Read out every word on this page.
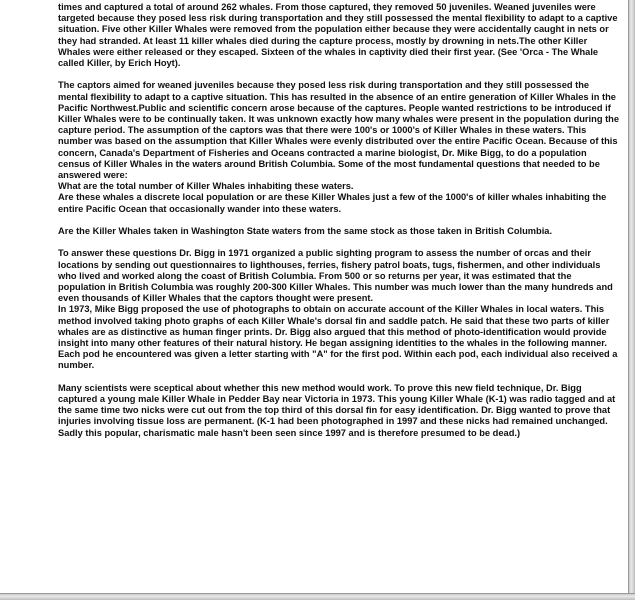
times and captured a total of around 262 whales. From those captured, they removed 50 juveniles. Weaned juveniles were targeted because they posed less risk during transportation and they still possessed the mental flexibility to adapt to a captive situation. Five other Killer Whales were removed from the population either because they were accidentally caught in nets or they had stranded. At least 11 killer whales died during the capture process, mostly by drowning in nets.The other Killer Whales were either released or they escaped. Sixteen of the whales in captivity died their first year. (See 'Orca - The Whale called Killer, by Erich Hoyt).

The captors aimed for weaned juveniles because they posed less risk during transportation and they still possessed the mental flexibility to adapt to a captive situation. This has resulted in the absence of an entire generation of Killer Whales in the Pacific Northwest.Public and scientific concern arose because of the captures. People wanted restrictions to be introduced if Killer Whales were to be continually taken. It was unknown exactly how many whales were present in the population during the capture period. The assumption of the captors was that there were 100's or 1000's of Killer Whales in these waters. This number was based on the assumption that Killer Whales were evenly distributed over the entire Pacific Ocean. Because of this concern, Canada's Department of Fisheries and Oceans contracted a marine biologist, Dr. Mike Bigg, to do a population census of Killer Whales in the waters around British Columbia. Some of the most fundamental questions that needed to be answered were:
What are the total number of Killer Whales inhabiting these waters.
Are these whales a discrete local population or are these Killer Whales just a few of the 1000's of killer whales inhabiting the entire Pacific Ocean that occasionally wander into these waters.

Are the Killer Whales taken in Washington State waters from the same stock as those taken in British Columbia.

To answer these questions Dr. Bigg in 1971 organized a public sighting program to assess the number of orcas and their locations by sending out questionnaires to lighthouses, ferries, fishery patrol boats, tugs, fishermen, and other individuals who lived and worked along the coast of British Columbia. From 500 or so returns per year, it was estimated that the population in British Columbia was roughly 200-300 Killer Whales. This number was much lower than the many hundreds and even thousands of Killer Whales that the captors thought were present.
In 1973, Mike Bigg proposed the use of photographs to obtain on accurate account of the Killer Whales in local waters. This method involved taking photo graphs of each Killer Whale's dorsal fin and saddle patch. He said that these two parts of killer whales are as distinctive as human finger prints. Dr. Bigg also argued that this method of photo-identification would provide insight into many other features of their natural history. He began assigning identities to the whales in the following manner. Each pod he encountered was given a letter starting with "A" for the first pod. Within each pod, each individual also received a number.

Many scientists were sceptical about whether this new method would work. To prove this new field technique, Dr. Bigg captured a young male Killer Whale in Pedder Bay near Victoria in 1973. This young Killer Whale (K-1) was radio tagged and at the same time two nicks were cut out from the top third of this dorsal fin for easy identification. Dr. Bigg wanted to prove that injuries involving tissue loss are permanent. (K-1 had been photographed in 1997 and these nicks had remained unchanged. Sadly this popular, charismatic male hasn't been seen since 1997 and is therefore presumed to be dead.)
